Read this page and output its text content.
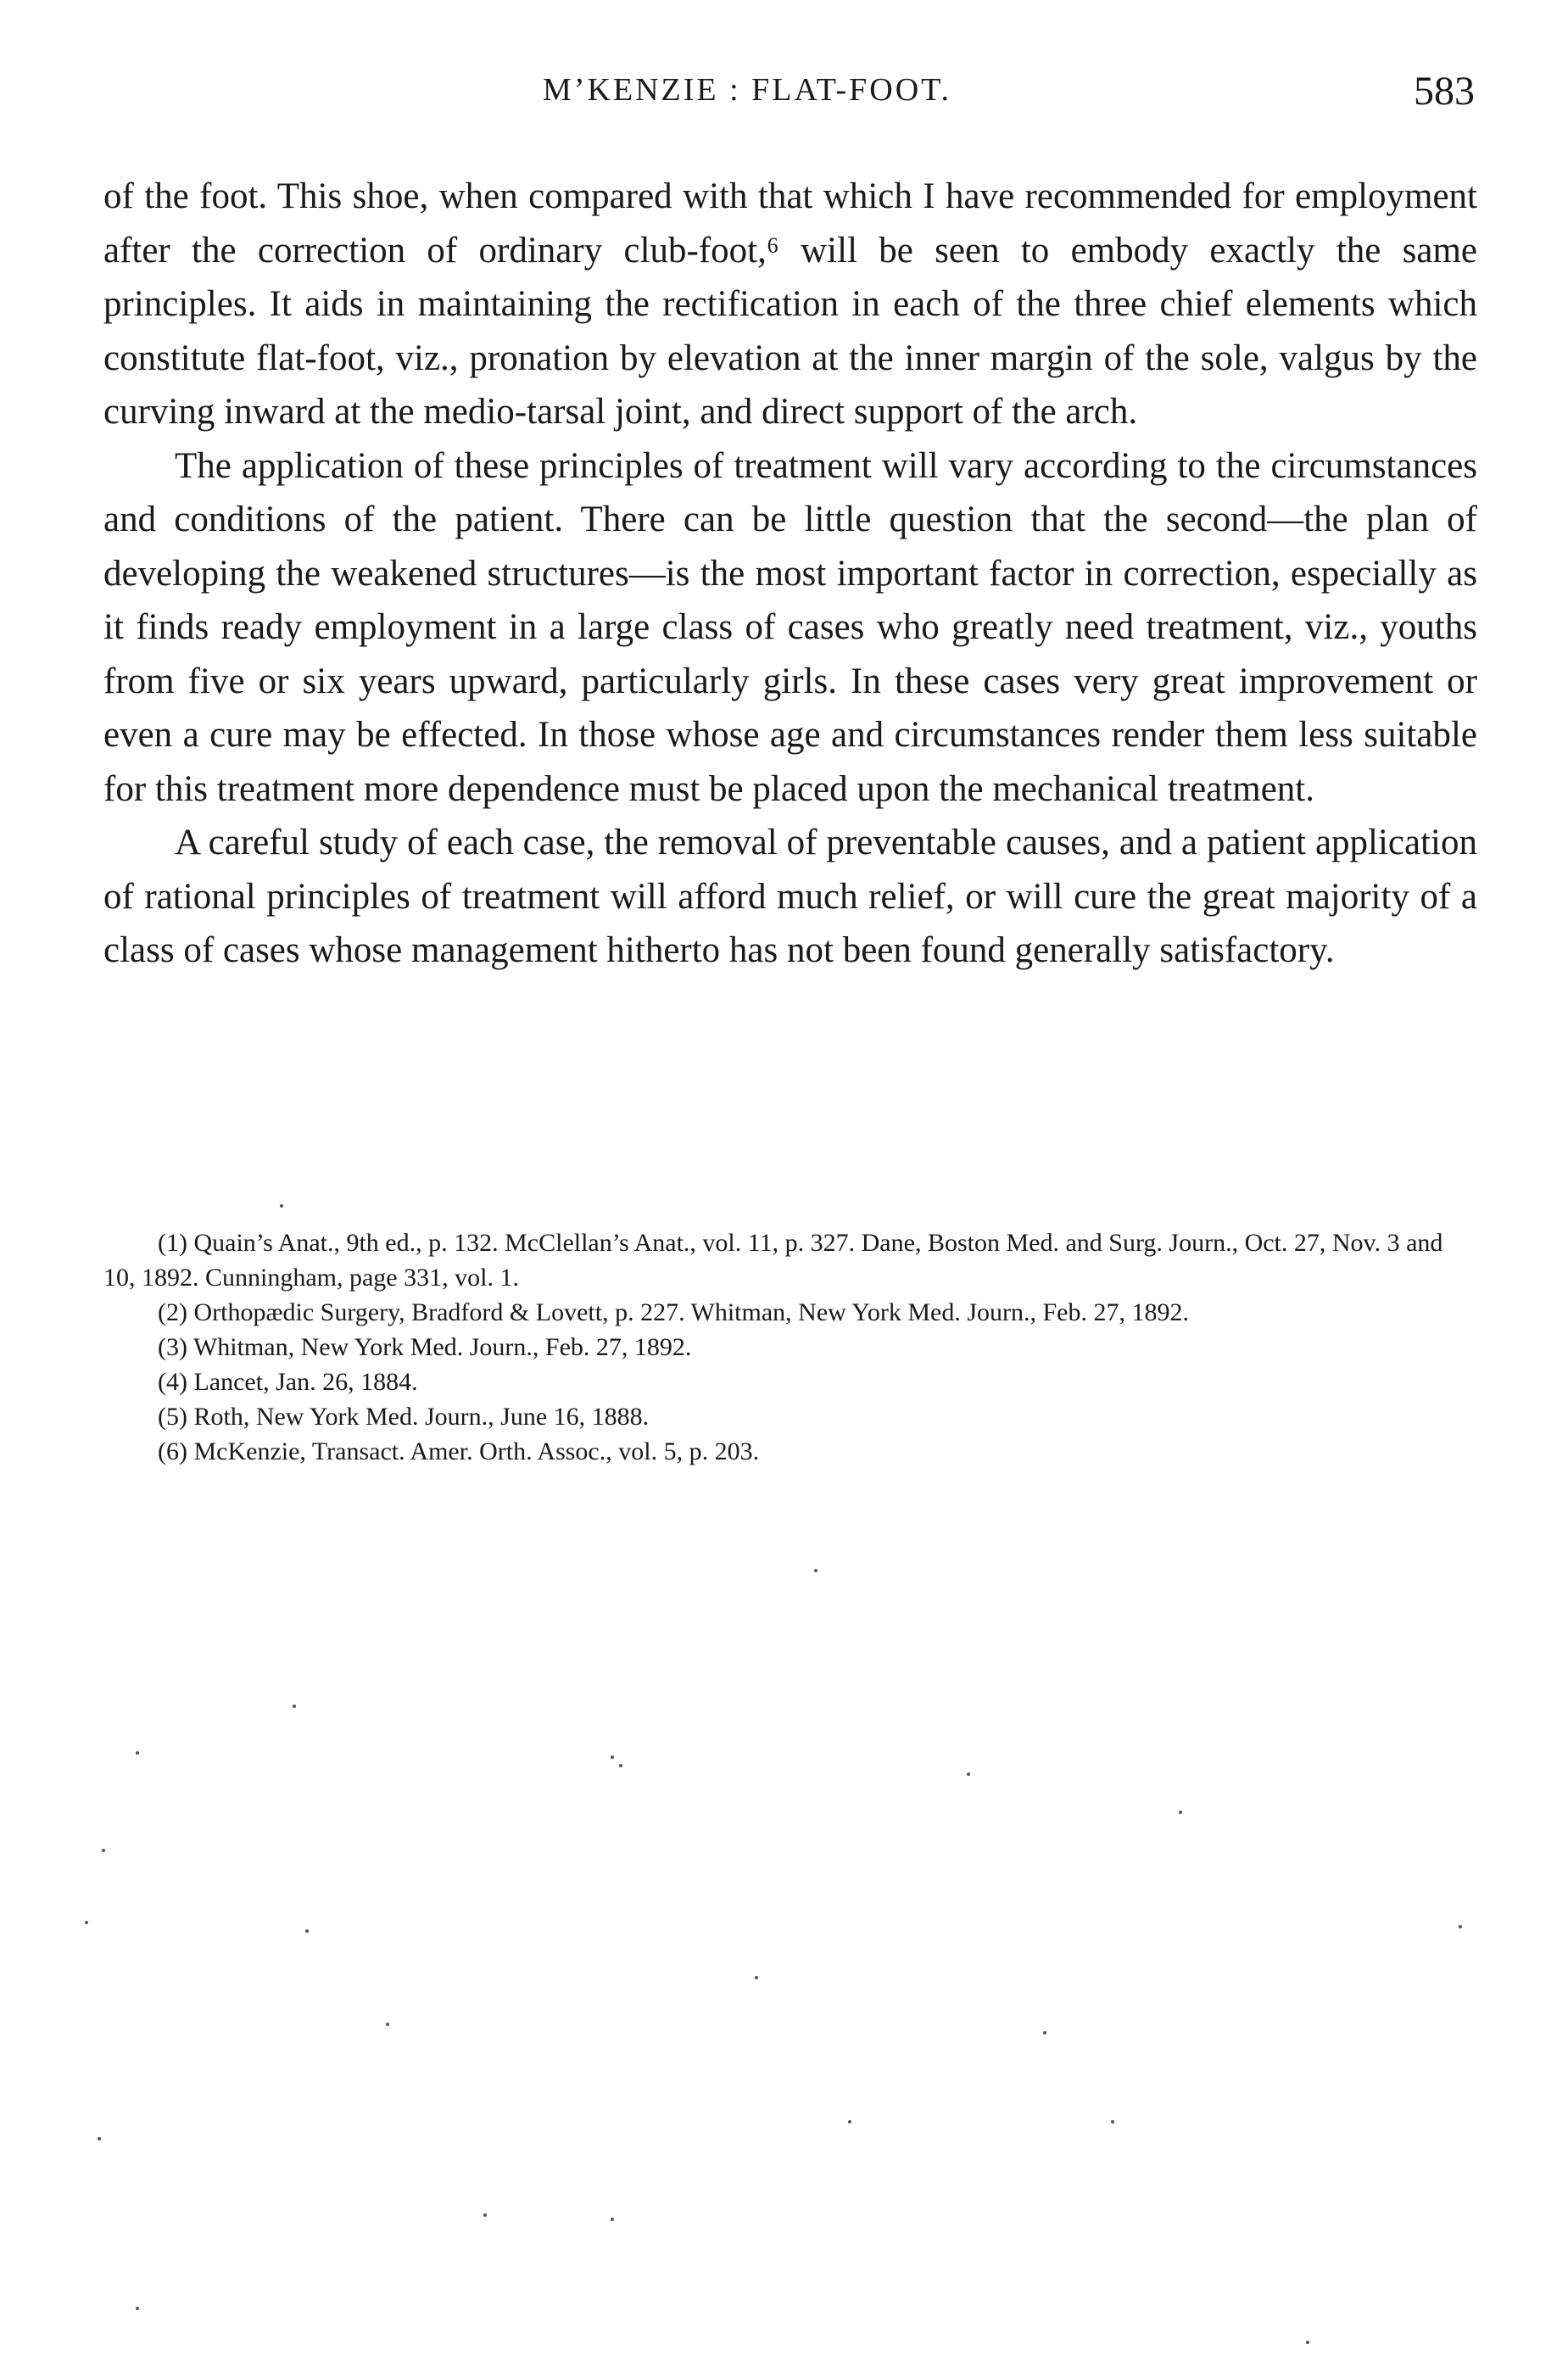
M’KENZIE : FLAT-FOOT.	583

of the foot. This shoe, when compared with that which I have recommended for employment after the correction of ordinary club-foot,⁶ will be seen to embody exactly the same principles. It aids in maintaining the rectification in each of the three chief elements which constitute flat-foot, viz., pronation by elevation at the inner margin of the sole, valgus by the curving inward at the medio-tarsal joint, and direct support of the arch.

The application of these principles of treatment will vary according to the circumstances and conditions of the patient. There can be little question that the second—the plan of developing the weakened structures—is the most important factor in correction, especially as it finds ready employment in a large class of cases who greatly need treatment, viz., youths from five or six years upward, particularly girls. In these cases very great improvement or even a cure may be effected. In those whose age and circumstances render them less suitable for this treatment more dependence must be placed upon the mechanical treatment.

A careful study of each case, the removal of preventable causes, and a patient application of rational principles of treatment will afford much relief, or will cure the great majority of a class of cases whose management hitherto has not been found generally satisfactory.

(1) Quain’s Anat., 9th ed., p. 132. McClellan’s Anat., vol. 11, p. 327. Dane, Boston Med. and Surg. Journ., Oct. 27, Nov. 3 and 10, 1892. Cunningham, page 331, vol. 1.

(2) Orthopædic Surgery, Bradford & Lovett, p. 227. Whitman, New York Med. Journ., Feb. 27, 1892.

(3) Whitman, New York Med. Journ., Feb. 27, 1892.

(4) Lancet, Jan. 26, 1884.

(5) Roth, New York Med. Journ., June 16, 1888.

(6) McKenzie, Transact. Amer. Orth. Assoc., vol. 5, p. 203.
